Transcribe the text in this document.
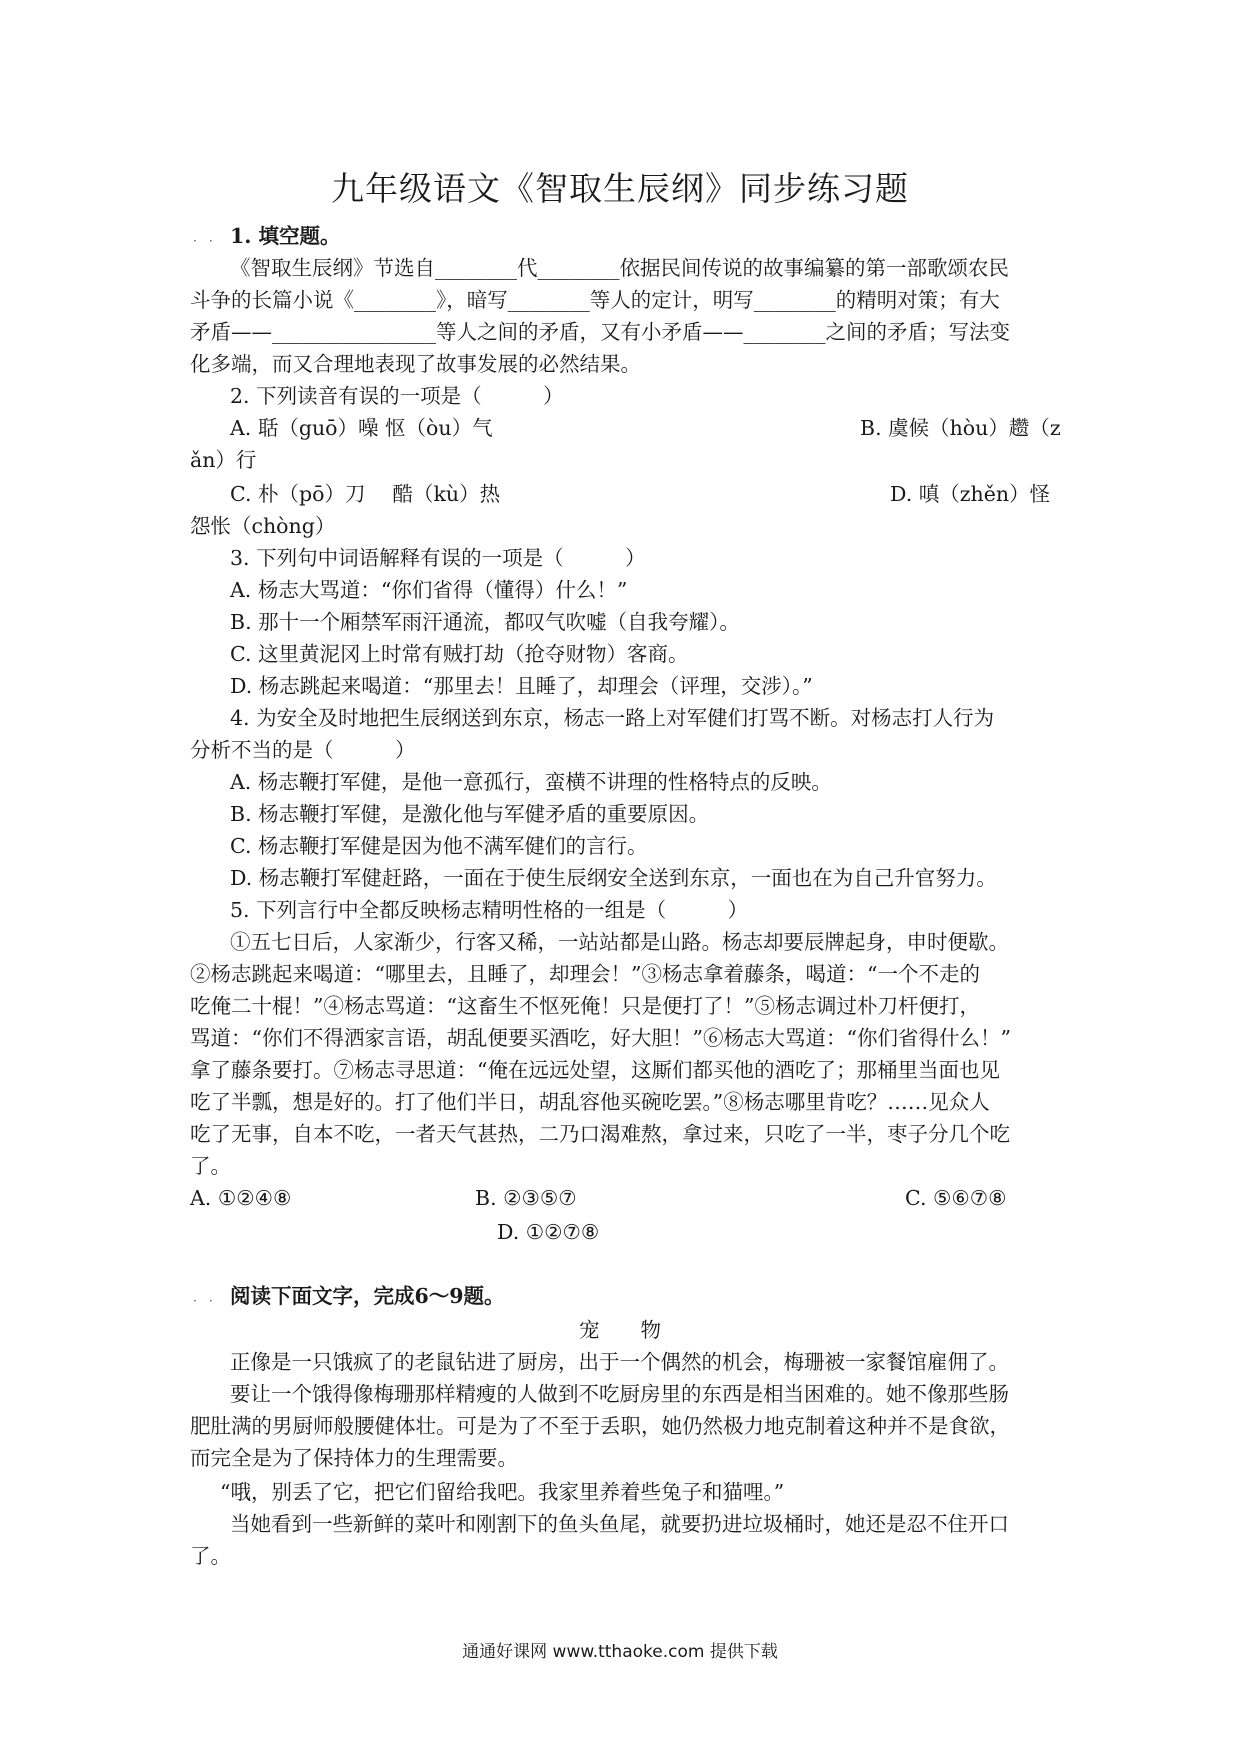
九年级语文《智取生辰纲》同步练习题
·　· 1. 填空题。
《智取生辰纲》节选自________代________依据民间传说的故事编纂的第一部歌颂农民
斗争的长篇小说《________》，暗写________等人的定计，明写________的精明对策；有大
矛盾——________________等人之间的矛盾，又有小矛盾——________之间的矛盾；写法变
化多端，而又合理地表现了故事发展的必然结果。
2. 下列读音有误的一项是（　　　）
A. 聒（guō）噪 怄（òu）气	B. 虞候（hòu）趱（z
ǎn）行
C. 朴（pō）刀　 酷（kù）热	D. 嗔（zhěn）怪
怨怅（chòng）
3. 下列句中词语解释有误的一项是（　　　）
A. 杨志大骂道：“你们省得（懂得）什么！”
B. 那十一个厢禁军雨汗通流，都叹气吹嘘（自我夸耀）。
C. 这里黄泥冈上时常有贼打劫（抢夺财物）客商。
D. 杨志跳起来喝道：“那里去！且睡了，却理会（评理，交涉）。”
4. 为安全及时地把生辰纲送到东京，杨志一路上对军健们打骂不断。对杨志打人行为
分析不当的是（　　　）
A. 杨志鞭打军健，是他一意孤行，蛮横不讲理的性格特点的反映。
B. 杨志鞭打军健，是激化他与军健矛盾的重要原因。
C. 杨志鞭打军健是因为他不满军健们的言行。
D. 杨志鞭打军健赶路，一面在于使生辰纲安全送到东京，一面也在为自己升官努力。
5. 下列言行中全都反映杨志精明性格的一组是（　　　）
①五七日后，人家渐少，行客又稀，一站站都是山路。杨志却要辰牌起身，申时便歇。
②杨志跳起来喝道：“哪里去，且睡了，却理会！”③杨志拿着藤条，喝道：“一个不走的
吃俺二十棍！”④杨志骂道：“这畜生不怄死俺！只是便打了！”⑤杨志调过朴刀杆便打，
骂道：“你们不得洒家言语，胡乱便要买酒吃，好大胆！”⑥杨志大骂道：“你们省得什么！”
拿了藤条要打。⑦杨志寻思道：“俺在远远处望，这厮们都买他的酒吃了；那桶里当面也见
吃了半瓢，想是好的。打了他们半日，胡乱容他买碗吃罢。”⑧杨志哪里肯吃？……见众人
吃了无事，自本不吃，一者天气甚热，二乃口渴难熬，拿过来，只吃了一半，枣子分几个吃
了。
A. ①②④⑧	B. ②③⑤⑦	C. ⑤⑥⑦⑧
D. ①②⑦⑧
·　· 阅读下面文字，完成6～9题。
宠　　物
正像是一只饿疯了的老鼠钻进了厨房，出于一个偶然的机会，梅珊被一家餐馆雇佣了。
要让一个饿得像梅珊那样精瘦的人做到不吃厨房里的东西是相当困难的。她不像那些肠
肥肚满的男厨师般腰健体壮。可是为了不至于丢职，她仍然极力地克制着这种并不是食欲，
而完全是为了保持体力的生理需要。
“哦，别丢了它，把它们留给我吧。我家里养着些兔子和猫哩。”
当她看到一些新鲜的菜叶和刚割下的鱼头鱼尾，就要扔进垃圾桶时，她还是忍不住开口
了。
通通好课网 www.tthaoke.com 提供下载
